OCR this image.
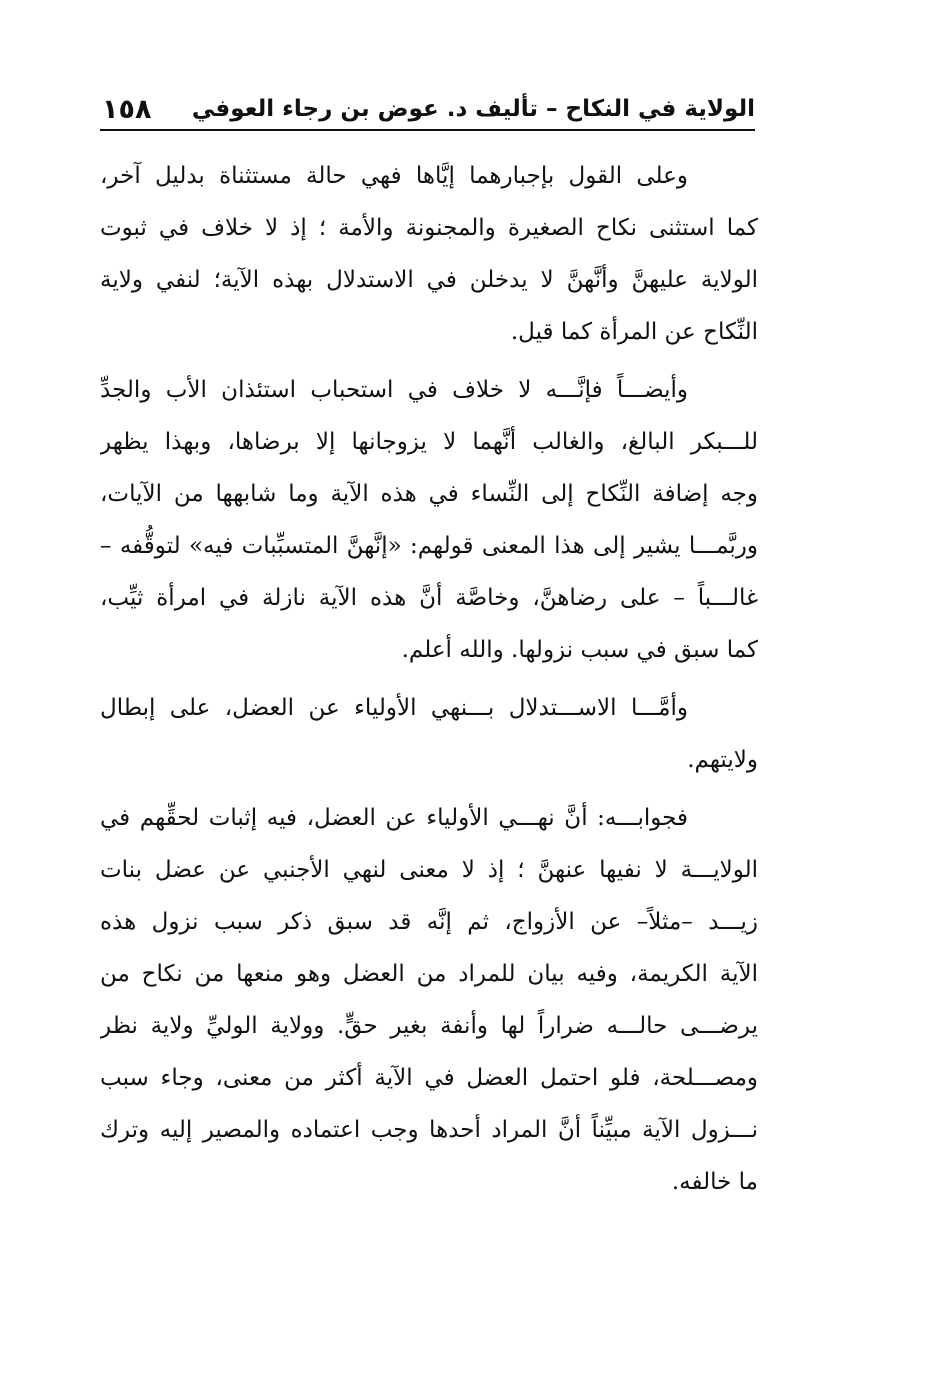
الولاية في النكاح – تأليف د. عوض بن رجاء العوفي
١٥٨
وعلى القول بإجبارهما إيَّاها فهي حالة مستثناة بدليل آخر،
كما استثنى نكاح الصغيرة والمجنونة والأمة ؛ إذ لا خلاف في ثبوت
الولاية عليهنَّ وأنَّهنَّ لا يدخلن في الاستدلال بهذه الآية؛ لنفي ولاية
النِّكاح عن المرأة كما قيل.
وأيضـــاً فإنَّـــه لا خلاف في استحباب استئذان الأب والجدِّ
للـــبكر البالغ، والغالب أنَّهما لا يزوجانها إلا برضاها، وبهذا يظهر
وجه إضافة النِّكاح إلى النِّساء في هذه الآية وما شابهها من الآيات،
وربَّمـــا يشير إلى هذا المعنى قولهم: «إنَّهنَّ المتسبِّبات فيه» لتوقُّفه –
غالـــباً – على رضاهنَّ، وخاصَّة أنَّ هذه الآية نازلة في امرأة ثيِّب،
كما سبق في سبب نزولها. والله أعلم.
وأمَّـــا الاســـتدلال بـــنهي الأولياء عن العضل، على إبطال
ولايتهم.
فجوابـــه: أنَّ نهـــي الأولياء عن العضل، فيه إثبات لحقِّهم في
الولايـــة لا نفيها عنهنَّ ؛ إذ لا معنى لنهي الأجنبي عن عضل بنات
زيـــد –مثلاً– عن الأزواج، ثم إنَّه قد سبق ذكر سبب نزول هذه
الآية الكريمة، وفيه بيان للمراد من العضل وهو منعها من نكاح من
يرضـــى حالـــه ضراراً لها وأنفة بغير حقٍّ. وولاية الوليِّ ولاية نظر
ومصـــلحة، فلو احتمل العضل في الآية أكثر من معنى، وجاء سبب
نـــزول الآية مبيِّناً أنَّ المراد أحدها وجب اعتماده والمصير إليه وترك
ما خالفه.
